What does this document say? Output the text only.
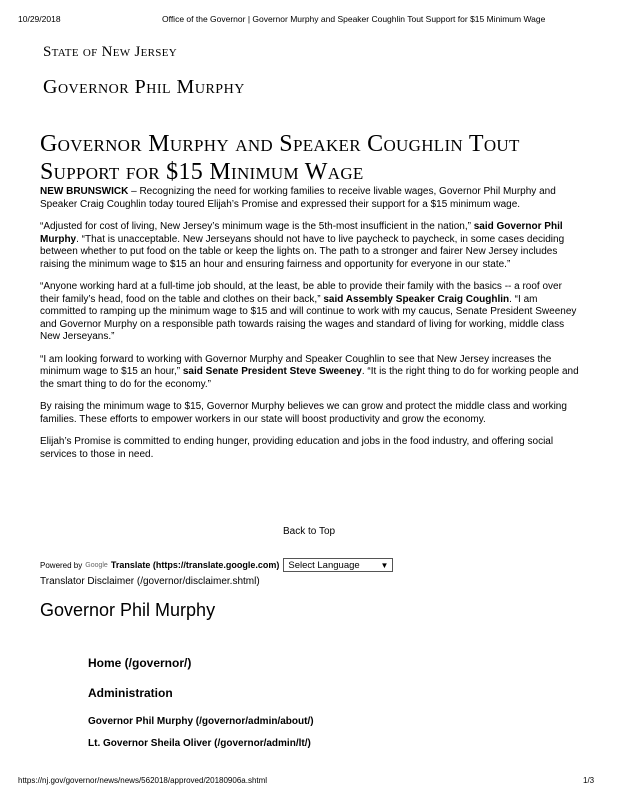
10/29/2018	Office of the Governor | Governor Murphy and Speaker Coughlin Tout Support for $15 Minimum Wage
State of New Jersey
Governor Phil Murphy
Governor Murphy and Speaker Coughlin Tout
Support for $15 Minimum Wage

NEW BRUNSWICK – Recognizing the need for working families to receive livable wages, Governor Phil Murphy and Speaker Craig Coughlin today toured Elijah’s Promise and expressed their support for a $15 minimum wage.

“Adjusted for cost of living, New Jersey’s minimum wage is the 5th-most insufficient in the nation,” said Governor Phil Murphy. “That is unacceptable. New Jerseyans should not have to live paycheck to paycheck, in some cases deciding between whether to put food on the table or keep the lights on. The path to a stronger and fairer New Jersey includes raising the minimum wage to $15 an hour and ensuring fairness and opportunity for everyone in our state.”

“Anyone working hard at a full-time job should, at the least, be able to provide their family with the basics -- a roof over their family’s head, food on the table and clothes on their back,” said Assembly Speaker Craig Coughlin. “I am committed to ramping up the minimum wage to $15 and will continue to work with my caucus, Senate President Sweeney and Governor Murphy on a responsible path towards raising the wages and standard of living for working, middle class New Jerseyans.”

“I am looking forward to working with Governor Murphy and Speaker Coughlin to see that New Jersey increases the minimum wage to $15 an hour,” said Senate President Steve Sweeney. “It is the right thing to do for working people and the smart thing to do for the economy.”

By raising the minimum wage to $15, Governor Murphy believes we can grow and protect the middle class and working families. These efforts to empower workers in our state will boost productivity and grow the economy.

Elijah’s Promise is committed to ending hunger, providing education and jobs in the food industry, and offering social services to those in need.

Back to Top
Powered by Google Translate (https://translate.google.com) Select Language	▼
Translator Disclaimer (/governor/disclaimer.shtml)
Governor Phil Murphy
Home (/governor/)
Administration
Governor Phil Murphy (/governor/admin/about/)
Lt. Governor Sheila Oliver (/governor/admin/lt/)
https://nj.gov/governor/news/news/562018/approved/20180906a.shtml	1/3
